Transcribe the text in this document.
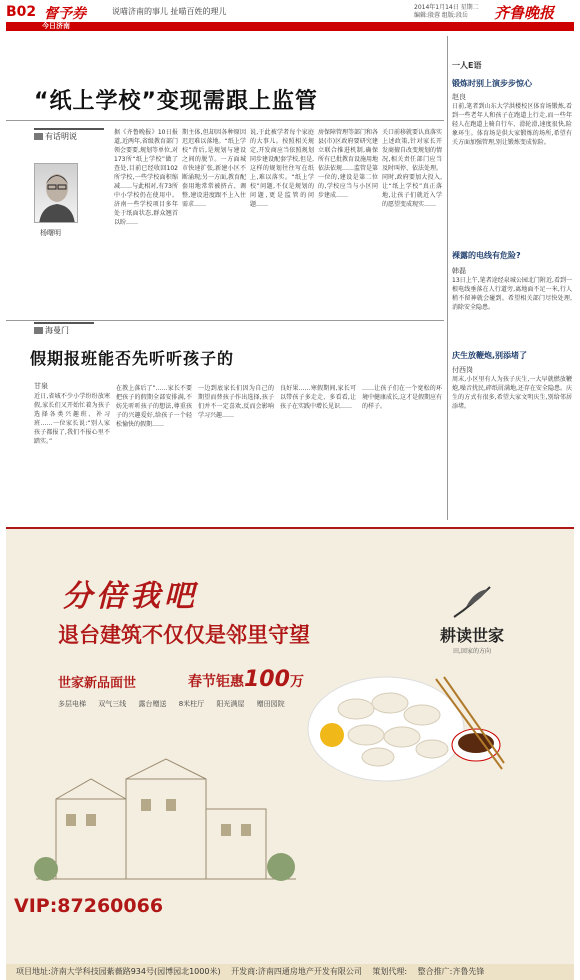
B02 督予券	说喵济南的事儿 扯喵百姓的理儿	2014年1月14日 星期二
编辑:殷蓉 组版:段岳	齐鲁晚报
今日济南
“纸上学校”变现需跟上监管
有话明说
杨曙明
据《齐鲁晚报》10日报道,近两年,省级教育部门领会要要,规划等单位,对173所“纸上学校”做了查处,目前已经收回102所学校,一些学校面积缩减……与此相对,有73所中小学校仍在使用中。济南一些学校项目多年处于纸面状态,群众翘首以盼……
期主体,但却因各种原因迟迟难以落地。“纸上学校”背后,是规划与建设之间的脱节。一方面城市快速扩张,新建小区不断涌现;另一方面,教育配套用地常常被挤占、调整,建设进度跟不上入住需求……
说,于此被学者每个家庭的大事儿。按照相关规定,开发商应当依照规划同步建设配套学校,但是,这样的规划往往写在纸上,难以落实。“纸上学校”问题,不仅是规划的问题,更是监管的问题……
房保障管理等部门和各县(市)区政府要研究建立联合推进机制,确保所有已批教育设施用地依法依规……监管是第一位的,建设是第二位的,学校应当与小区同步建成……
关口前移就要认真落实上述政策,针对家长开发商擅自改变规划的情况,相关责任部门应当及时叫停、依法处理。同时,政府要加大投入,让“纸上学校”真正落地,让孩子们就近入学的愿望变成现实……
海曼门
假期报班能否先听听孩子的
甘泉
近日,省城不少小学纷纷放寒假,家长们又开始忙着为孩子选择各类兴趣班、补习班……一位家长说:“别人家孩子都报了,我们不报心里不踏实。”
在教上落后了”……家长不要把孩子的假期全部安排满,不妨先听听孩子的想法,尊重孩子的兴趣爱好,给孩子一个轻松愉快的假期……
一边到底家长们因为自己的期望而替孩子作出选择,孩子们并不一定喜欢,反而会影响学习兴趣……
良好果……寒假期间,家长可以带孩子多走走、多看看,让孩子在实践中增长见识……
……让孩子们在一个宽松的环境中健康成长,这才是假期应有的样子。
一人E语
锻炼时别上演步步惊心
赵良
日前,笔者到山东大学洪楼校区体育场锻炼,看到一些老年人和孩子在跑道上行走,而一些年轻人在跑道上骑自行车、滑轮滑,速度很快,险象环生。体育场是供大家锻炼的场所,希望有关方面加强管理,别让锻炼变成惊险。
裸露的电线有危险?
韩磊
13日上午,笔者途经泉城公园北门附近,看到一根电线垂落在人行道旁,离地面不足一米,行人稍不留神就会碰到。希望相关部门尽快处理,消除安全隐患。
庆生放鞭炮,别添堵了
付西岗
周末,小区里有人为孩子庆生,一大早就燃放鞭炮,噪音扰民,碎纸屑满地,还存在安全隐患。庆生的方式有很多,希望大家文明庆生,别给邻居添堵。
分倍我吧
退台建筑不仅仅是邻里守望
世家新品面世	春节钜惠100万
多层电梯 双气三线 露台赠送 8米柱厅 阳光满屋 赠田园院
耕读世家
田,回家的方向
VIP:87260066
项目地址:济南大学科技园紫薇路934号(园博园北1000米) 开发商:济南四通房地产开发有限公司 策划代理: 整合推广:齐鲁先锋
